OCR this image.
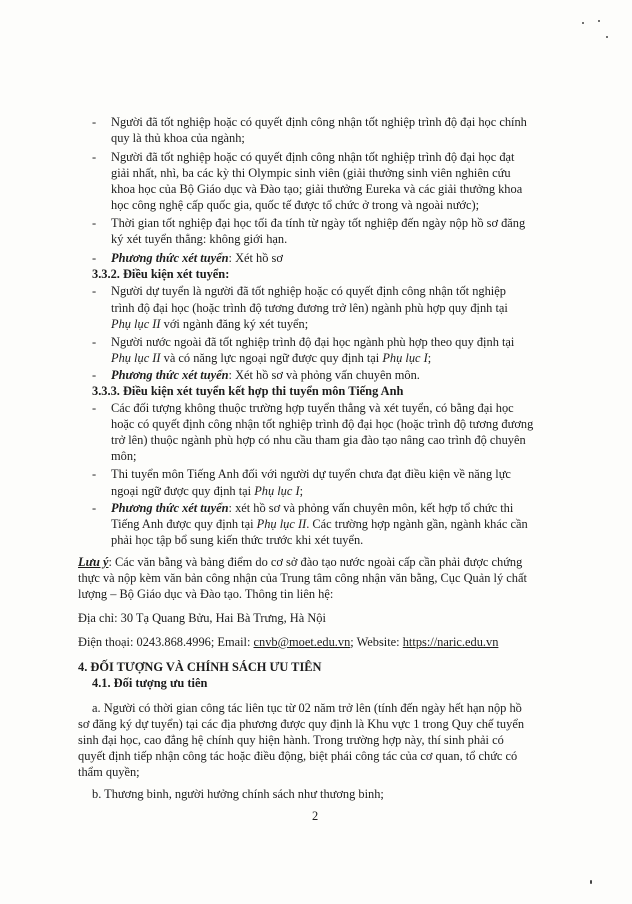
- Người đã tốt nghiệp hoặc có quyết định công nhận tốt nghiệp trình độ đại học chính
quy là thủ khoa của ngành;
- Người đã tốt nghiệp hoặc có quyết định công nhận tốt nghiệp trình độ đại học đạt
giải nhất, nhì, ba các kỳ thi Olympic sinh viên (giải thưởng sinh viên nghiên cứu
khoa học của Bộ Giáo dục và Đào tạo; giải thưởng Eureka và các giải thưởng khoa
học công nghệ cấp quốc gia, quốc tế được tổ chức ở trong và ngoài nước);
- Thời gian tốt nghiệp đại học tối đa tính từ ngày tốt nghiệp đến ngày nộp hồ sơ đăng
ký xét tuyển thẳng: không giới hạn.
- Phương thức xét tuyển: Xét hồ sơ
3.3.2. Điều kiện xét tuyển:
- Người dự tuyển là người đã tốt nghiệp hoặc có quyết định công nhận tốt nghiệp
trình độ đại học (hoặc trình độ tương đương trở lên) ngành phù hợp quy định tại
Phụ lục II với ngành đăng ký xét tuyển;
- Người nước ngoài đã tốt nghiệp trình độ đại học ngành phù hợp theo quy định tại
Phụ lục II và có năng lực ngoại ngữ được quy định tại Phụ lục I;
- Phương thức xét tuyển: Xét hồ sơ và phỏng vấn chuyên môn.
3.3.3. Điều kiện xét tuyển kết hợp thi tuyển môn Tiếng Anh
- Các đối tượng không thuộc trường hợp tuyển thẳng và xét tuyển, có bằng đại học
hoặc có quyết định công nhận tốt nghiệp trình độ đại học (hoặc trình độ tương đương
trở lên) thuộc ngành phù hợp có nhu cầu tham gia đào tạo nâng cao trình độ chuyên
môn;
- Thi tuyển môn Tiếng Anh đối với người dự tuyển chưa đạt điều kiện về năng lực
ngoại ngữ được quy định tại Phụ lục I;
- Phương thức xét tuyển: xét hồ sơ và phỏng vấn chuyên môn, kết hợp tổ chức thi
Tiếng Anh được quy định tại Phụ lục II. Các trường hợp ngành gần, ngành khác cần
phải học tập bổ sung kiến thức trước khi xét tuyển.
Lưu ý: Các văn bằng và bảng điểm do cơ sở đào tạo nước ngoài cấp cần phải được chứng
thực và nộp kèm văn bản công nhận của Trung tâm công nhận văn bằng, Cục Quản lý chất
lượng – Bộ Giáo dục và Đào tạo. Thông tin liên hệ:
Địa chỉ: 30 Tạ Quang Bửu, Hai Bà Trưng, Hà Nội
Điện thoại: 0243.868.4996; Email: cnvb@moet.edu.vn; Website: https://naric.edu.vn
4. ĐỐI TƯỢNG VÀ CHÍNH SÁCH ƯU TIÊN
4.1. Đối tượng ưu tiên
a. Người có thời gian công tác liên tục từ 02 năm trở lên (tính đến ngày hết hạn nộp hồ
sơ đăng ký dự tuyển) tại các địa phương được quy định là Khu vực 1 trong Quy chế tuyển
sinh đại học, cao đẳng hệ chính quy hiện hành. Trong trường hợp này, thí sinh phải có
quyết định tiếp nhận công tác hoặc điều động, biệt phái công tác của cơ quan, tổ chức có
thẩm quyền;
b. Thương binh, người hưởng chính sách như thương binh;
2
